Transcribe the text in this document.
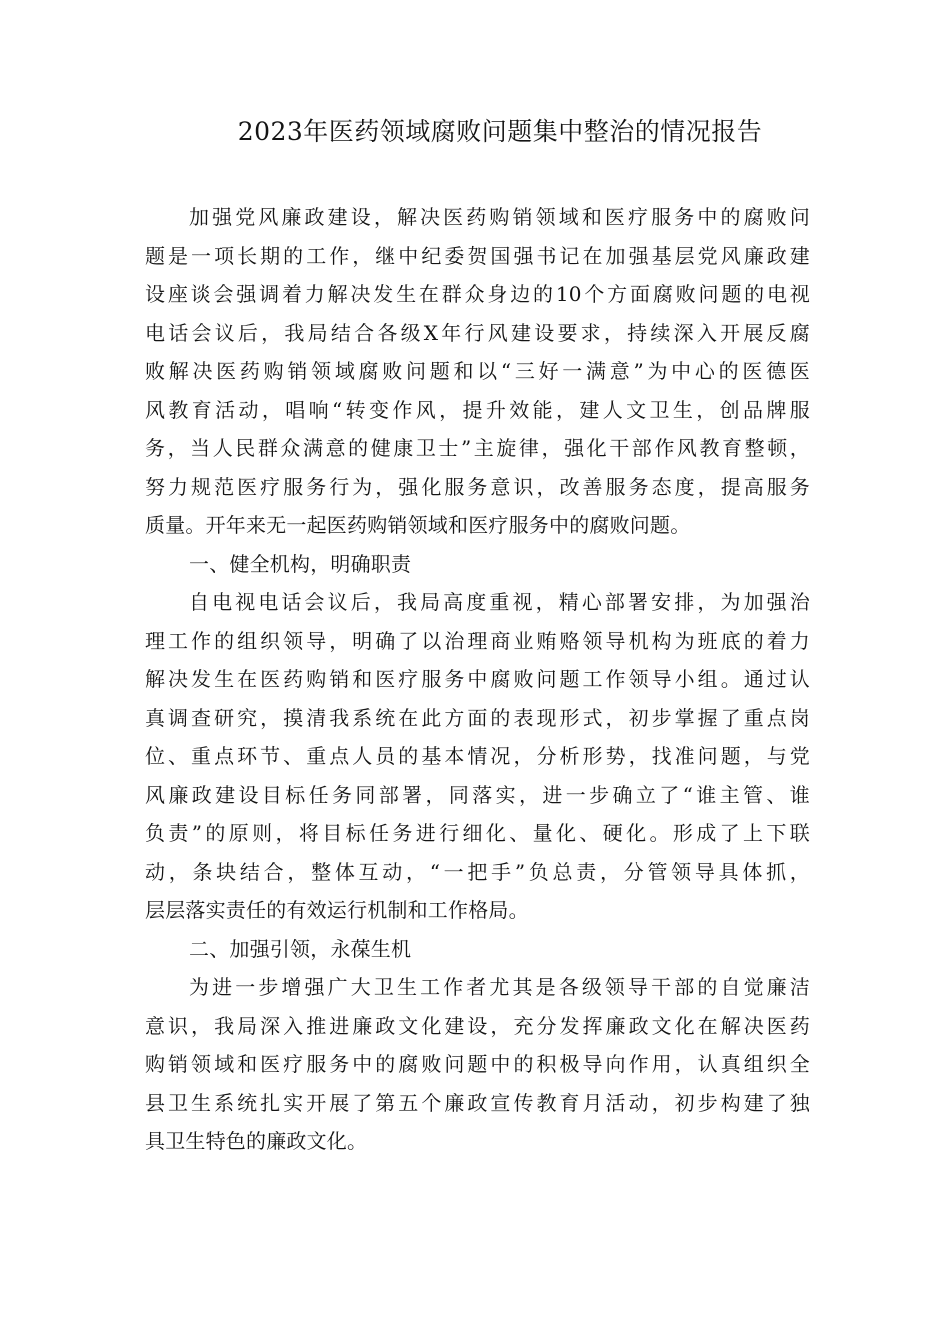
2023年医药领域腐败问题集中整治的情况报告
加强党风廉政建设，解决医药购销领域和医疗服务中的腐败问
题是一项长期的工作，继中纪委贺国强书记在加强基层党风廉政建
设座谈会强调着力解决发生在群众身边的10个方面腐败问题的电视
电话会议后，我局结合各级X年行风建设要求，持续深入开展反腐
败解决医药购销领域腐败问题和以“三好一满意”为中心的医德医
风教育活动，唱响“转变作风，提升效能，建人文卫生，创品牌服
务，当人民群众满意的健康卫士”主旋律，强化干部作风教育整顿，
努力规范医疗服务行为，强化服务意识，改善服务态度，提高服务
质量。开年来无一起医药购销领域和医疗服务中的腐败问题。
一、健全机构，明确职责
自电视电话会议后，我局高度重视，精心部署安排，为加强治
理工作的组织领导，明确了以治理商业贿赂领导机构为班底的着力
解决发生在医药购销和医疗服务中腐败问题工作领导小组。通过认
真调查研究，摸清我系统在此方面的表现形式，初步掌握了重点岗
位、重点环节、重点人员的基本情况，分析形势，找准问题，与党
风廉政建设目标任务同部署，同落实，进一步确立了“谁主管、谁
负责”的原则，将目标任务进行细化、量化、硬化。形成了上下联
动，条块结合，整体互动，“一把手”负总责，分管领导具体抓，
层层落实责任的有效运行机制和工作格局。
二、加强引领，永葆生机
为进一步增强广大卫生工作者尤其是各级领导干部的自觉廉洁
意识，我局深入推进廉政文化建设，充分发挥廉政文化在解决医药
购销领域和医疗服务中的腐败问题中的积极导向作用，认真组织全
县卫生系统扎实开展了第五个廉政宣传教育月活动，初步构建了独
具卫生特色的廉政文化。
